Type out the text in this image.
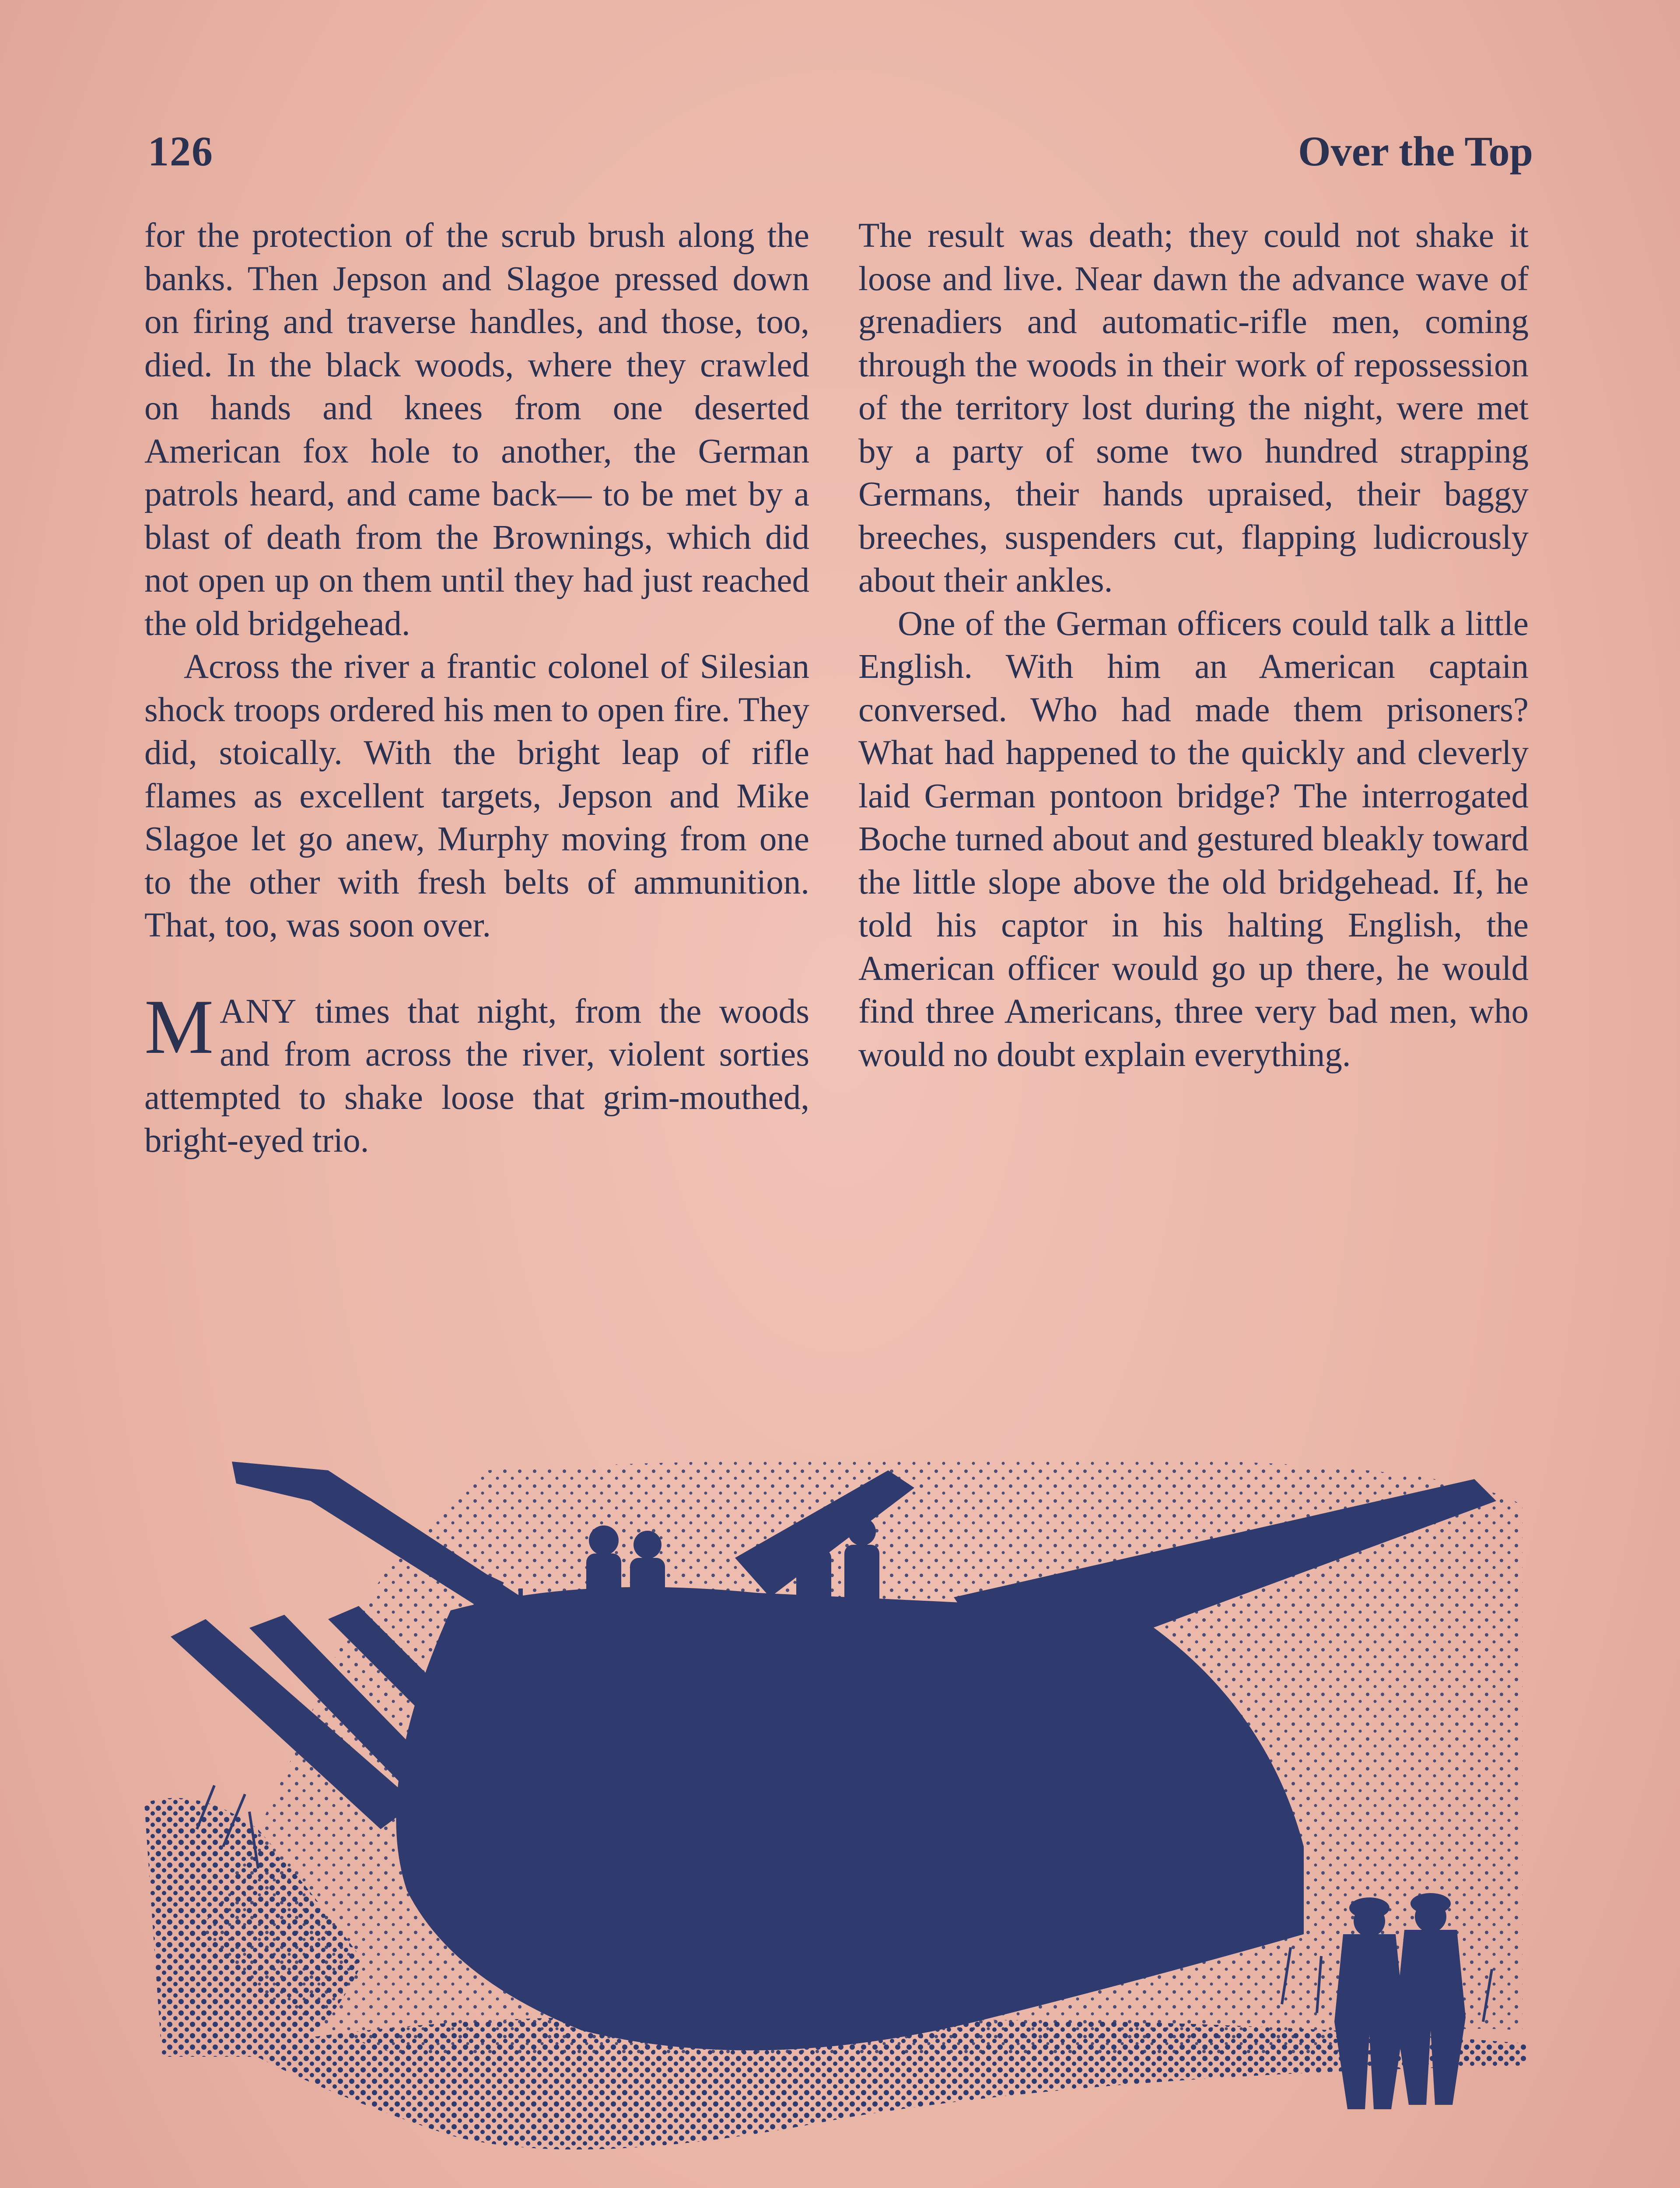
126	Over the Top

for the protection of the scrub brush along the banks. Then Jepson and Slagoe pressed down on firing and traverse handles, and those, too, died. In the black woods, where they crawled on hands and knees from one deserted American fox hole to another, the German patrols heard, and came back— to be met by a blast of death from the Brownings, which did not open up on them until they had just reached the old bridgehead.

Across the river a frantic colonel of Silesian shock troops ordered his men to open fire. They did, stoically. With the bright leap of rifle flames as excellent targets, Jepson and Mike Slagoe let go anew, Murphy moving from one to the other with fresh belts of ammunition. That, too, was soon over.

MANY times that night, from the woods and from across the river, violent sorties attempted to shake loose that grim-mouthed, bright-eyed trio.

The result was death; they could not shake it loose and live. Near dawn the advance wave of grenadiers and automatic-rifle men, coming through the woods in their work of repossession of the territory lost during the night, were met by a party of some two hundred strapping Germans, their hands upraised, their baggy breeches, suspenders cut, flapping ludicrously about their ankles.

One of the German officers could talk a little English. With him an American captain conversed. Who had made them prisoners? What had happened to the quickly and cleverly laid German pontoon bridge? The interrogated Boche turned about and gestured bleakly toward the little slope above the old bridgehead. If, he told his captor in his halting English, the American officer would go up there, he would find three Americans, three very bad men, who would no doubt explain everything.
